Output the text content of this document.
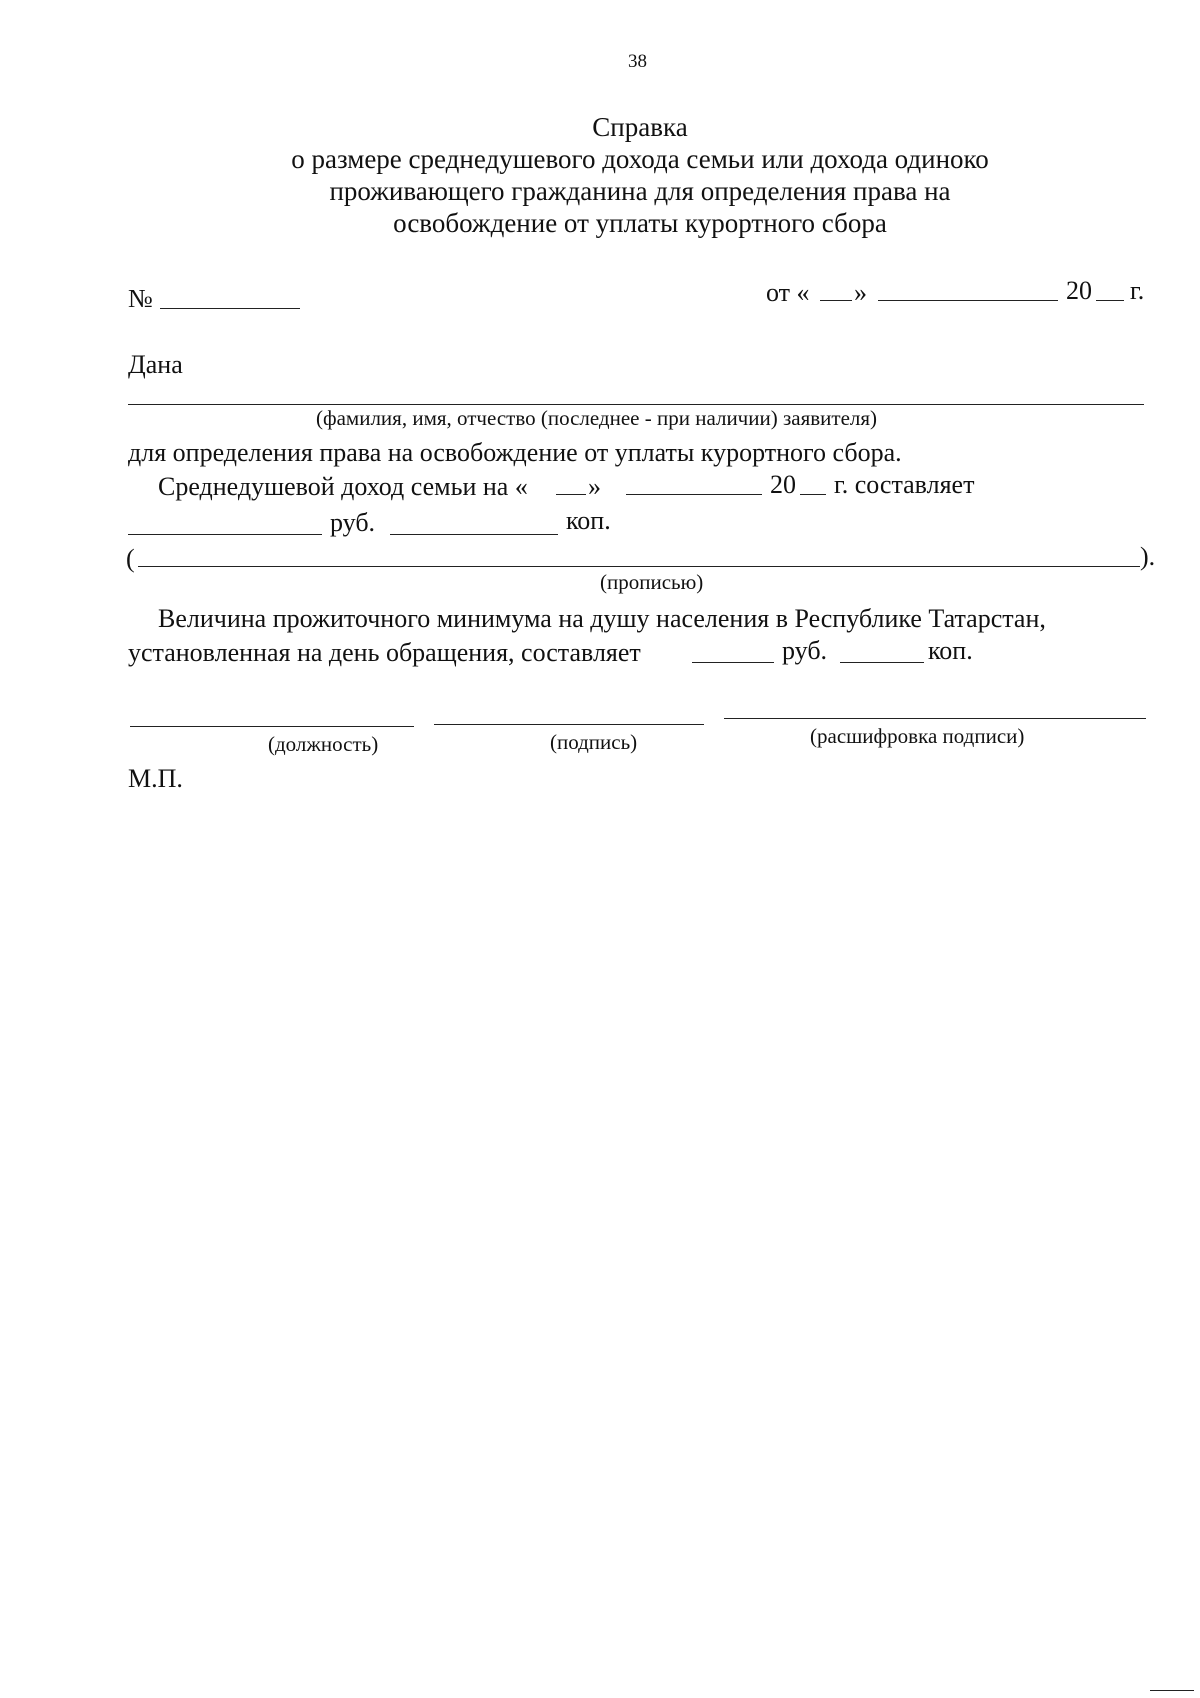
38
Справка
о размере среднедушевого дохода семьи или дохода одиноко
проживающего гражданина для определения права на
освобождение от уплаты курортного сбора
№	от « »	20 г.
Дана
(фамилия, имя, отчество (последнее - при наличии) заявителя)
для определения права на освобождение от уплаты курортного сбора.
Среднедушевой доход семьи на « »	20 г. составляет
руб.	коп.
(	).
(прописью)
Величина прожиточного минимума на душу населения в Республике Татарстан,
установленная на день обращения, составляет	руб.	коп.
(должность)	(подпись)	(расшифровка подписи)
М.П.
